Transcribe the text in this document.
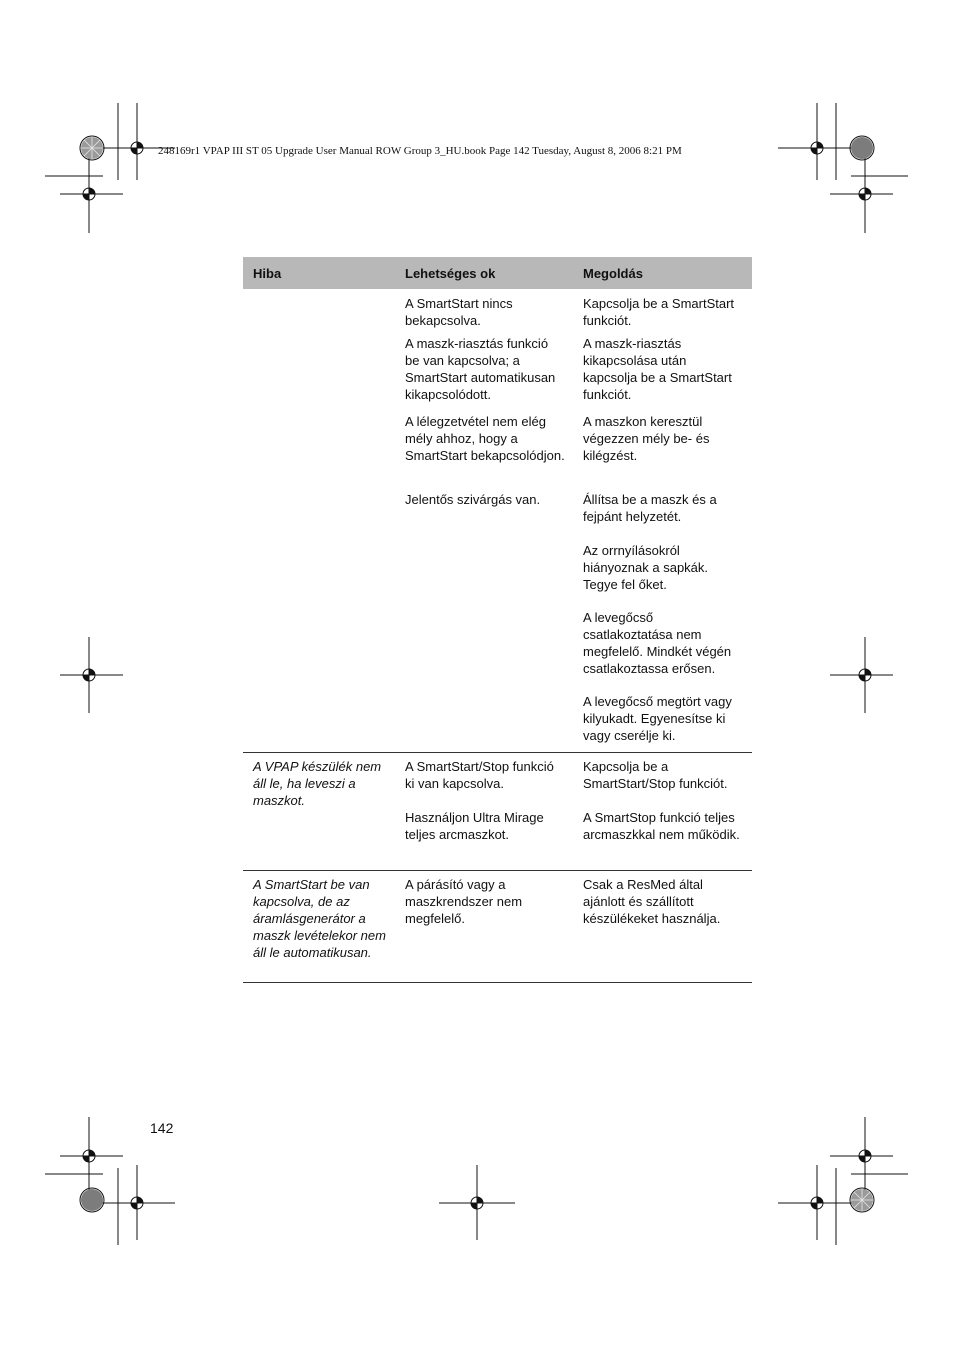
248169r1 VPAP III ST 05 Upgrade User Manual ROW Group 3_HU.book Page 142 Tuesday, August 8, 2006 8:21 PM
Hiba	Lehetséges ok	Megoldás
	A SmartStart nincs bekapcsolva.	Kapcsolja be a SmartStart funkciót.
	A maszk-riasztás funkció be van kapcsolva; a SmartStart automatikusan kikapcsolódott.	A maszk-riasztás kikapcsolása után kapcsolja be a SmartStart funkciót.
	A lélegzetvétel nem elég mély ahhoz, hogy a SmartStart bekapcsolódjon.	A maszkon keresztül végezzen mély be- és kilégzést.
	Jelentős szivárgás van.	Állítsa be a maszk és a fejpánt helyzetét.
		Az orrnyílásokról hiányoznak a sapkák. Tegye fel őket.
		A levegőcső csatlakoztatása nem megfelelő. Mindkét végén csatlakoztassa erősen.
		A levegőcső megtört vagy kilyukadt. Egyenesítse ki vagy cserélje ki.
A VPAP készülék nem áll le, ha leveszi a maszkot.	A SmartStart/Stop funkció ki van kapcsolva.	Kapcsolja be a SmartStart/Stop funkciót.
	Használjon Ultra Mirage teljes arcmaszkot.	A SmartStop funkció teljes arcmaszkkal nem működik.
A SmartStart be van kapcsolva, de az áramlásgenerátor a maszk levételekor nem áll le automatikusan.	A párásító vagy a maszkrendszer nem megfelelő.	Csak a ResMed által ajánlott és szállított készülékeket használja.
142
